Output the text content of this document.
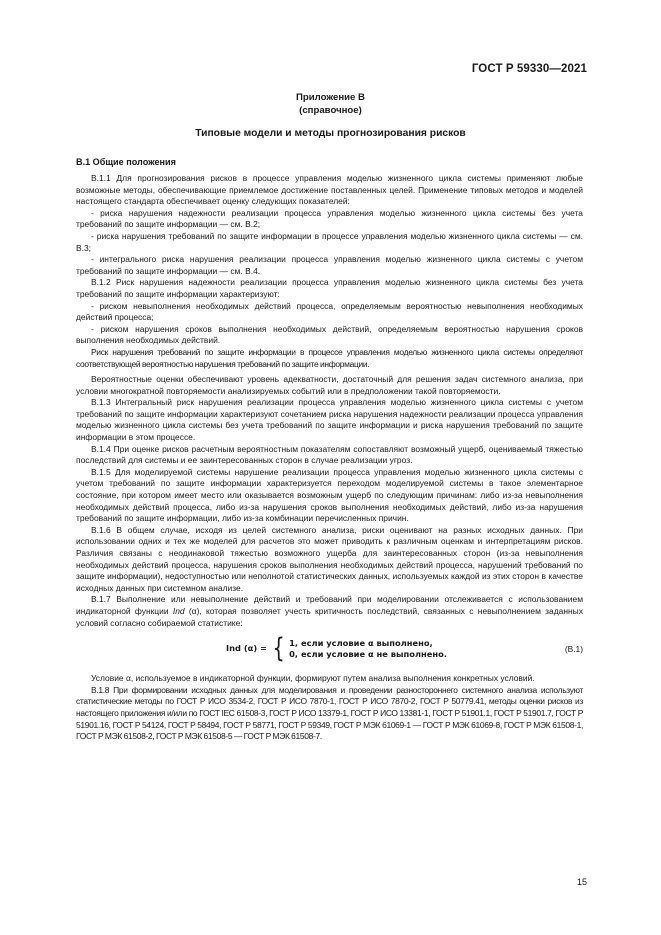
ГОСТ Р 59330—2021
Приложение В
(справочное)
Типовые модели и методы прогнозирования рисков
В.1 Общие положения

В.1.1 Для прогнозирования рисков в процессе управления моделью жизненного цикла системы применяют любые возможные методы, обеспечивающие приемлемое достижение поставленных целей. Применение типовых методов и моделей настоящего стандарта обеспечивает оценку следующих показателей:

- риска нарушения надежности реализации процесса управления моделью жизненного цикла системы без учета требований по защите информации — см. В.2;

- риска нарушения требований по защите информации в процессе управления моделью жизненного цикла системы — см. В.3;

- интегрального риска нарушения реализации процесса управления моделью жизненного цикла системы с учетом требований по защите информации — см. В.4.

В.1.2 Риск нарушения надежности реализации процесса управления моделью жизненного цикла системы без учета требований по защите информации характеризуют:

- риском невыполнения необходимых действий процесса, определяемым вероятностью невыполнения необходимых действий процесса;

- риском нарушения сроков выполнения необходимых действий, определяемым вероятностью нарушения сроков выполнения необходимых действий.

Риск нарушения требований по защите информации в процессе управления моделью жизненного цикла системы определяют соответствующей вероятностью нарушения требований по защите информации.

Вероятностные оценки обеспечивают уровень адекватности, достаточный для решения задач системного анализа, при условии многократной повторяемости анализируемых событий или в предположении такой повторяемости.

В.1.3 Интегральный риск нарушения реализации процесса управления моделью жизненного цикла системы с учетом требований по защите информации характеризуют сочетанием риска нарушения надежности реализации процесса управления моделью жизненного цикла системы без учета требований по защите информации и риска нарушения требований по защите информации в этом процессе.

В.1.4 При оценке рисков расчетным вероятностным показателям сопоставляют возможный ущерб, оцениваемый тяжестью последствий для системы и ее заинтересованных сторон в случае реализации угроз.

В.1.5 Для моделируемой системы нарушение реализации процесса управления моделью жизненного цикла системы с учетом требований по защите информации характеризуется переходом моделируемой системы в такое элементарное состояние, при котором имеет место или оказывается возможным ущерб по следующим причинам: либо из-за невыполнения необходимых действий процесса, либо из-за нарушения сроков выполнения необходимых действий, либо из-за нарушения требований по защите информации, либо из-за комбинации перечисленных причин.

В.1.6 В общем случае, исходя из целей системного анализа, риски оценивают на разных исходных данных. При использовании одних и тех же моделей для расчетов это может приводить к различным оценкам и интерпретациям рисков. Различия связаны с неодинаковой тяжестью возможного ущерба для заинтересованных сторон (из-за невыполнения необходимых действий процесса, нарушения сроков выполнения необходимых действий процесса, нарушений требований по защите информации), недоступностью или неполнотой статистических данных, используемых каждой из этих сторон в качестве исходных данных при системном анализе.

В.1.7 Выполнение или невыполнение действий и требований при моделировании отслеживается с использованием индикаторной функции Ind (α), которая позволяет учесть критичность последствий, связанных с невыполнением заданных условий согласно собираемой статистике:

Ind (α) = { 1, если условие α выполнено,
0, если условие α не выполнено.	(В.1)

Условие α, используемое в индикаторной функции, формируют путем анализа выполнения конкретных условий.

В.1.8 При формировании исходных данных для моделирования и проведении разностороннего системного анализа используют статистические методы по ГОСТ Р ИСО 3534-2, ГОСТ Р ИСО 7870-1, ГОСТ Р ИСО 7870-2, ГОСТ Р 50779.41, методы оценки рисков из настоящего приложения и/или по ГОСТ IEC 61508-3, ГОСТ Р ИСО 13379-1, ГОСТ Р ИСО 13381-1, ГОСТ Р 51901.1, ГОСТ Р 51901.7, ГОСТ Р 51901.16, ГОСТ Р 54124, ГОСТ Р 58494, ГОСТ Р 58771, ГОСТ Р 59349, ГОСТ Р МЭК 61069-1 — ГОСТ Р МЭК 61069-8, ГОСТ Р МЭК 61508-1, ГОСТ Р МЭК 61508-2, ГОСТ Р МЭК 61508-5 — ГОСТ Р МЭК 61508-7.

15
